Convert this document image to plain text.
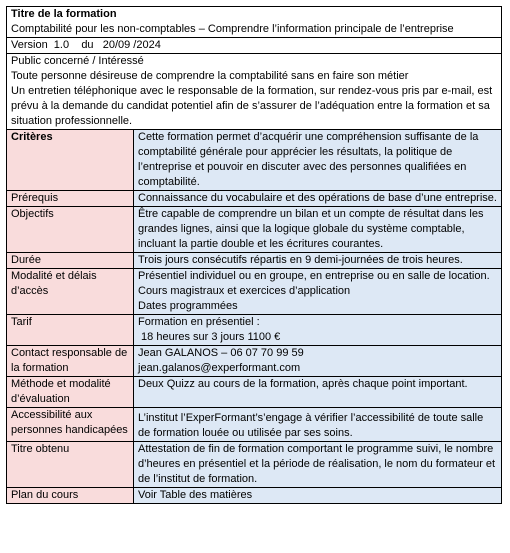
Titre de la formation
Comptabilité pour les non-comptables – Comprendre l’information principale de l’entreprise
Version  1.0    du   20/09 /2024
Public concerné / Intéressé
Toute personne désireuse de comprendre la comptabilité sans en faire son métier
Un entretien téléphonique avec le responsable de la formation, sur rendez-vous pris par e-mail, est prévu à la demande du candidat potentiel afin de s’assurer de l’adéquation entre la formation et sa situation professionnelle.
Critères	Cette formation permet d’acquérir une compréhension suffisante de la comptabilité générale pour apprécier les résultats, la politique de l’entreprise et pouvoir en discuter avec des personnes qualifiées en comptabilité.
Prérequis	Connaissance du vocabulaire et des opérations de base d’une entreprise.
Objectifs	Être capable de comprendre un bilan et un compte de résultat dans les grandes lignes, ainsi que la logique globale du système comptable, incluant la partie double et les écritures courantes.
Durée	Trois jours consécutifs répartis en 9 demi-journées de trois heures.
Modalité et délais d’accès	Présentiel individuel ou en groupe, en entreprise ou en salle de location. Cours magistraux et exercices d’application
Dates programmées

Tarif	Formation en présentiel :
18 heures sur 3 jours 1100 €

Contact responsable de la formation	Jean GALANOS – 06 07 70 99 59
jean.galanos@experformant.com

Méthode et modalité d’évaluation	Deux Quizz au cours de la formation, après chaque point important.
Accessibilité aux personnes handicapées	L’institut l’ExperFormant’s’engage à vérifier l’accessibilité de toute salle de formation louée ou utilisée par ses soins.
Titre obtenu	Attestation de fin de formation comportant le programme suivi, le nombre d’heures en présentiel et la période de réalisation, le nom du formateur et de l’institut de formation.
Plan du cours	Voir Table des matières
